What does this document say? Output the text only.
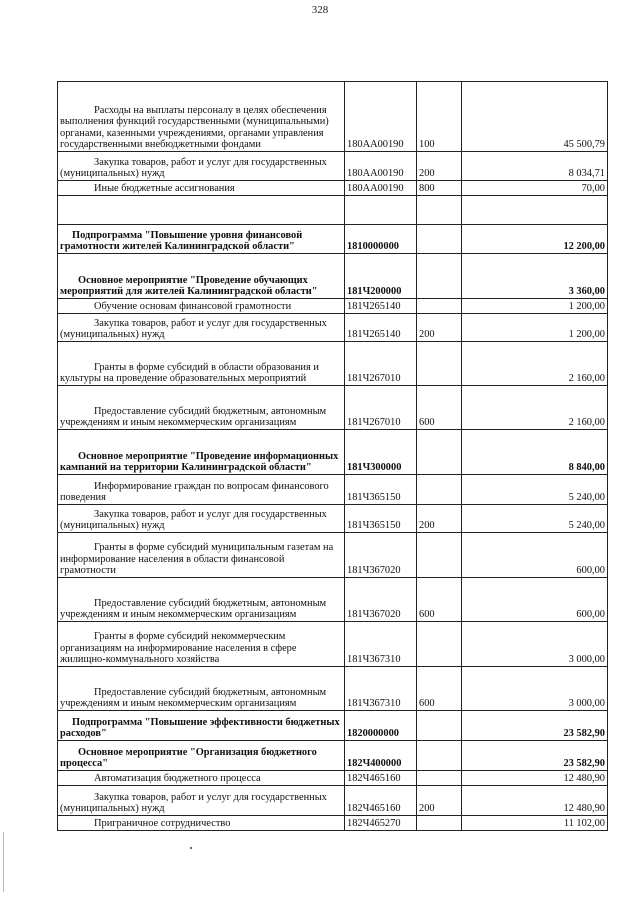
328
Расходы на выплаты персоналу в целях обеспечения выполнения функций государственными (муниципальными) органами, казенными учреждениями, органами управления государственными внебюджетными фондами	180АА00190	100	45 500,79
Закупка товаров, работ и услуг для государственных (муниципальных) нужд	180АА00190	200	8 034,71
Иные бюджетные ассигнования	180АА00190	800	70,00

Подпрограмма "Повышение уровня финансовой грамотности жителей Калининградской области"	1810000000		12 200,00
Основное мероприятие "Проведение обучающих мероприятий для жителей Калининградской области"	181Ч200000		3 360,00
Обучение основам финансовой грамотности	181Ч265140		1 200,00
Закупка товаров, работ и услуг для государственных (муниципальных) нужд	181Ч265140	200	1 200,00
Гранты в форме субсидий в области образования и культуры на проведение образовательных мероприятий	181Ч267010		2 160,00
Предоставление субсидий бюджетным, автономным учреждениям и иным некоммерческим организациям	181Ч267010	600	2 160,00
Основное мероприятие "Проведение информационных кампаний на территории Калининградской области"	181Ч300000		8 840,00
Информирование граждан по вопросам финансового поведения	181Ч365150		5 240,00
Закупка товаров, работ и услуг для государственных (муниципальных) нужд	181Ч365150	200	5 240,00
Гранты в форме субсидий муниципальным газетам на информирование населения в области финансовой грамотности	181Ч367020		600,00
Предоставление субсидий бюджетным, автономным учреждениям и иным некоммерческим организациям	181Ч367020	600	600,00
Гранты в форме субсидий некоммерческим организациям на информирование населения в сфере жилищно-коммунального хозяйства	181Ч367310		3 000,00
Предоставление субсидий бюджетным, автономным учреждениям и иным некоммерческим организациям	181Ч367310	600	3 000,00
Подпрограмма "Повышение эффективности бюджетных расходов"	1820000000		23 582,90
Основное мероприятие "Организация бюджетного процесса"	182Ч400000		23 582,90
Автоматизация бюджетного процесса	182Ч465160		12 480,90
Закупка товаров, работ и услуг для государственных (муниципальных) нужд	182Ч465160	200	12 480,90
Приграничное сотрудничество	182Ч465270		11 102,00
